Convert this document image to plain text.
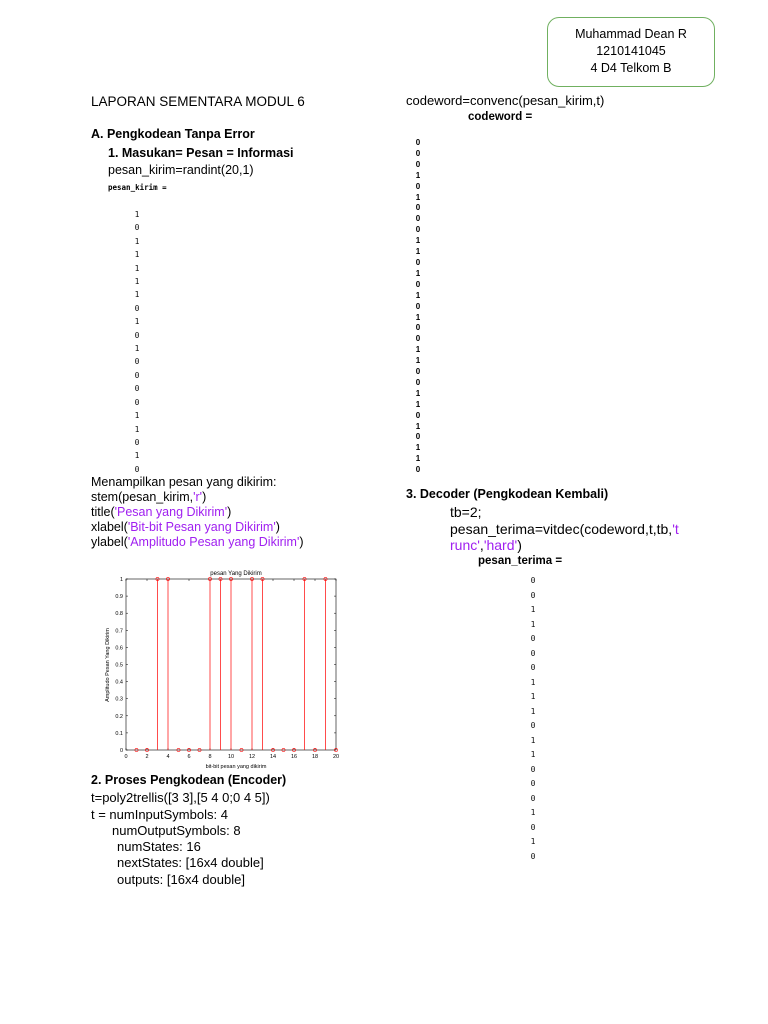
Muhammad Dean R
1210141045
4 D4 Telkom B
LAPORAN SEMENTARA MODUL 6
A. Pengkodean Tanpa Error
1. Masukan= Pesan = Informasi
pesan_kirim=randint(20,1)
pesan_kirim =
1
0
1
1
1
1
1
0
1
0
1
0
0
0
0
1
1
0
1
0
Menampilkan pesan yang dikirim:
stem(pesan_kirim,'r')
title('Pesan yang Dikirim')
xlabel('Bit-bit Pesan yang Dikirim')
ylabel('Amplitudo Pesan yang Dikirim')
pesan Yang Dikirim
Amplitudo Pesan Yang Dikirim
bit-bit pesan yang dikirim
0
0.1
0.2
0.3
0.4
0.5
0.6
0.7
0.8
0.9
1
0	2	4	6	8	10	12	14	16	18	20
2. Proses Pengkodean (Encoder)
t=poly2trellis([3 3],[5 4 0;0 4 5])
t = numInputSymbols: 4
numOutputSymbols: 8
numStates: 16
nextStates: [16x4 double]
outputs: [16x4 double]
codeword=convenc(pesan_kirim,t)
codeword =
0
0
0
1
0
1
0
0
0
1
1
0
1
0
1
0
1
0
0
1
1
0
0
1
1
0
1
0
1
1
0
3. Decoder (Pengkodean Kembali)
tb=2;
pesan_terima=vitdec(codeword,t,tb,'t
runc','hard')
pesan_terima =
0
0
1
1
0
0
0
1
1
1
0
1
1
0
0
0
1
0
1
0
